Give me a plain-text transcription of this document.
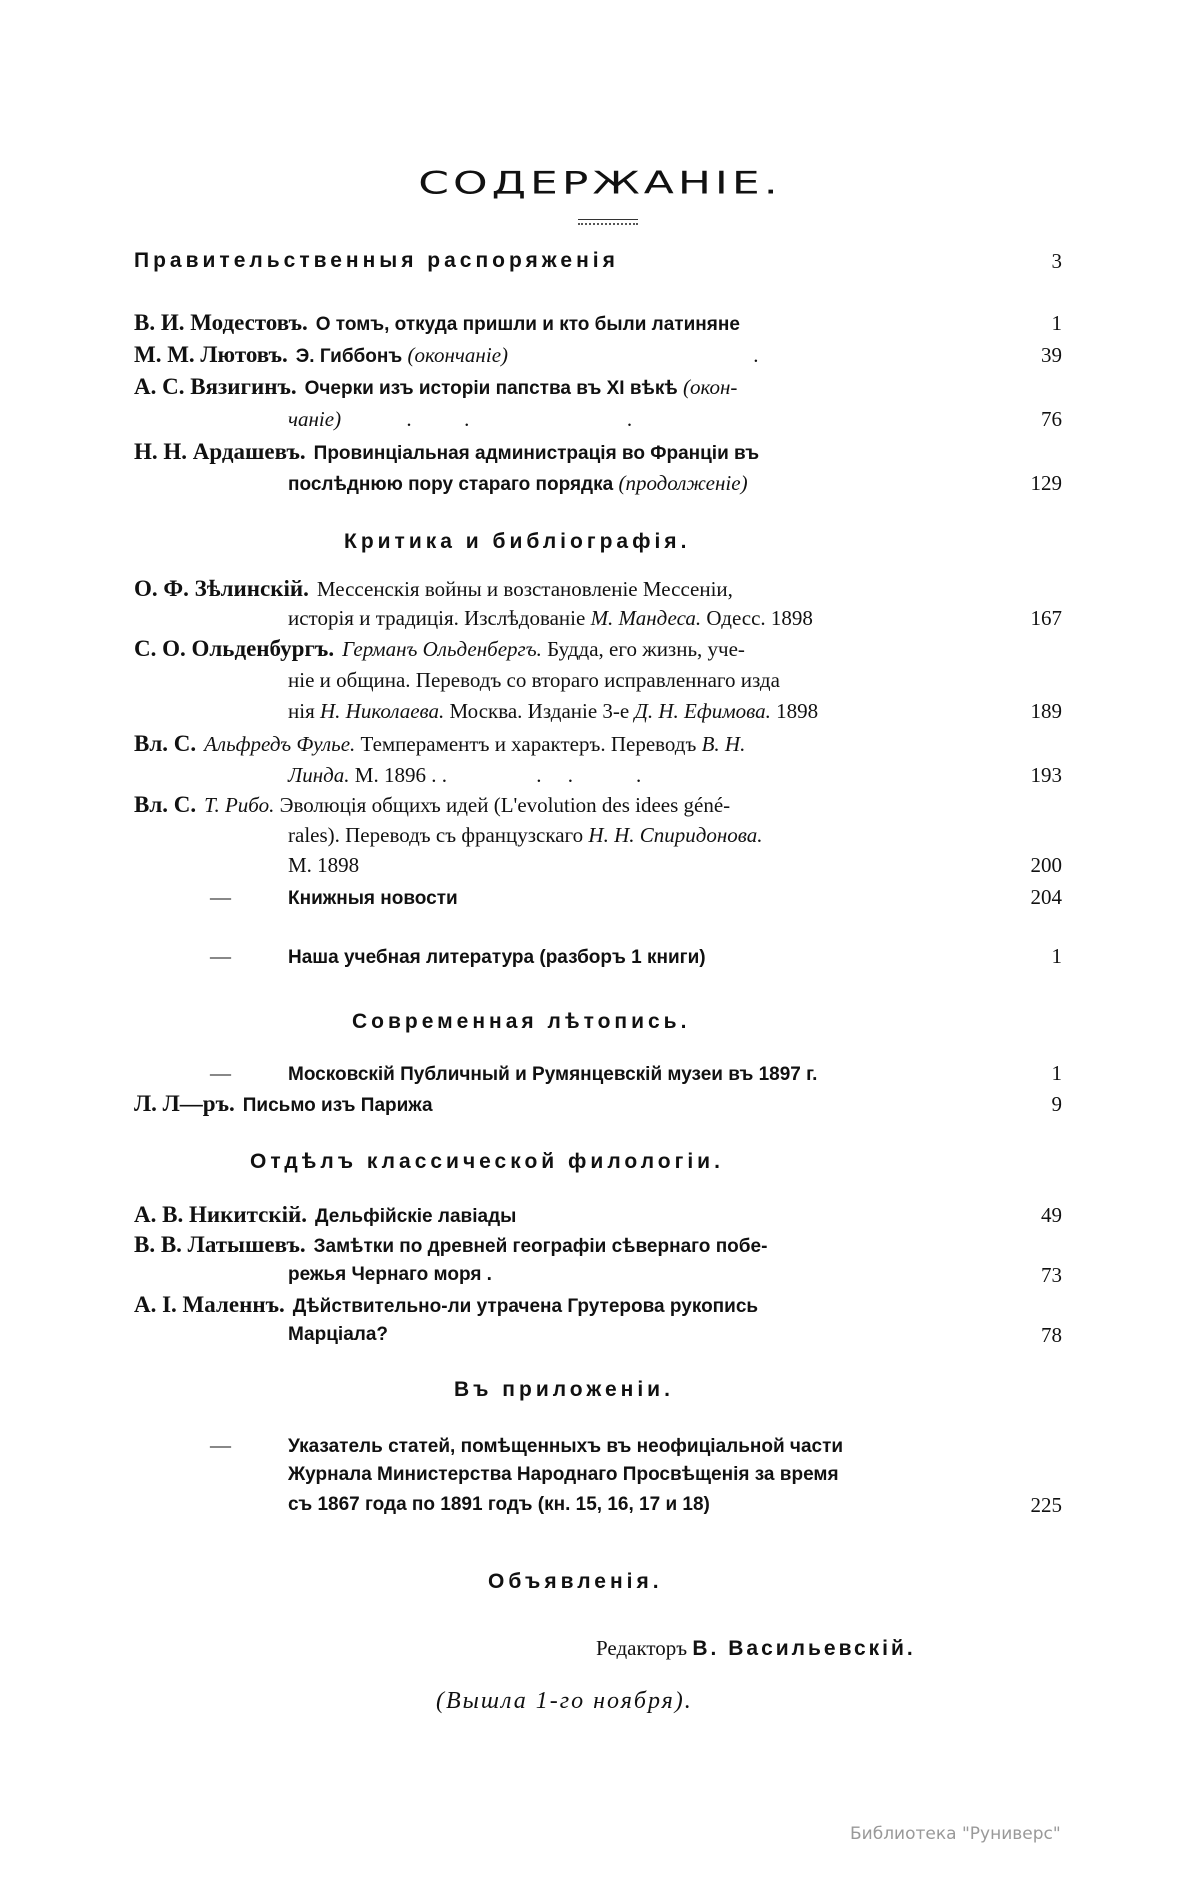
СОДЕРЖАНІЕ.
Правительственныя распоряженія	3
В. И. Модестовъ. О томъ, откуда пришли и кто были латиняне	1
М. М. Лютовъ. Э. Гиббонъ (окончаніе)	.	39
А. С. Вязигинъ. Очерки изъ исторіи папства въ XI вѣкѣ (окон-
чаніе)	.          .                              .	76
Н. Н. Ардашевъ. Провинціальная администрація во Франціи въ
послѣднюю пору стараго порядка (продолженіе)	129
Критика и библіографія.
О. Ф. Зѣлинскій. Мессенскія войны и возстановленіе Мессеніи,
исторія и традиція. Изслѣдованіе М. Мандеса. Одесс. 1898	167
С. О. Ольденбургъ. Германъ Ольденбергъ. Будда, его жизнь, уче-
ніе и община. Переводъ со втораго исправленнаго изда
нія Н. Николаева. Москва. Изданіе 3-е Д. Н. Ефимова. 1898	189
Вл. С. Альфредъ Фулье. Темпераментъ и характеръ. Переводъ В. Н.
Линда. М. 1896 . .                 .     .            .	193
Вл. С. Т. Рибо. Эволюція общихъ идей (L'evolution des idees géné-
rales). Переводъ съ французскаго Н. Н. Спиридонова.
М. 1898	200
—	Книжныя новости	204
—	Наша учебная литература (разборъ 1 книги)	1
Современная лѣтопись.
—	Московскій Публичный и Румянцевскій музеи въ 1897 г.	1
Л. Л—ръ. Письмо изъ Парижа	9
Отдѣлъ классической филологіи.
А. В. Никитскій. Дельфійскіе лавіады	49
В. В. Латышевъ. Замѣтки по древней географіи сѣвернаго побе-
режья Чернаго моря .	73
А. I. Маленнъ. Дѣйствительно-ли утрачена Грутерова рукопись
Марціала?	78
Въ приложеніи.
—	Указатель статей, помѣщенныхъ въ неофиціальной части
Журнала Министерства Народнаго Просвѣщенія за время
съ 1867 года по 1891 годъ (кн. 15, 16, 17 и 18)	225
Объявленія.
Редакторъ В. Васильевскій.
(Вышла 1-го ноября).
Библиотека "Руниверс"
